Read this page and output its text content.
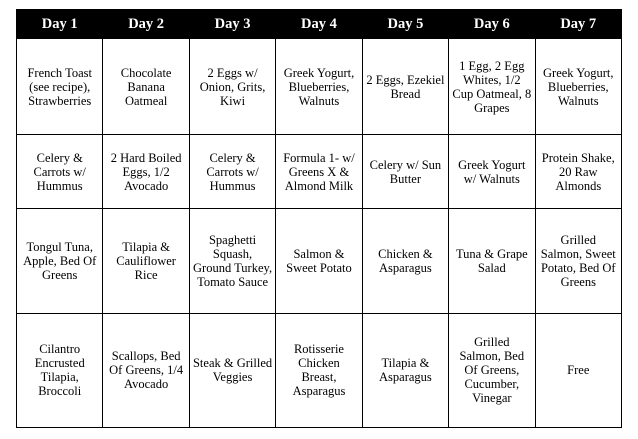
Day 1	Day 2	Day 3	Day 4	Day 5	Day 6	Day 7
French Toast (see recipe), Strawberries	Chocolate Banana Oatmeal	2 Eggs w/ Onion, Grits, Kiwi	Greek Yogurt, Blueberries, Walnuts	2 Eggs, Ezekiel Bread	1 Egg, 2 Egg Whites, 1/2 Cup Oatmeal, 8 Grapes	Greek Yogurt, Blueberries, Walnuts
Celery & Carrots w/ Hummus	2 Hard Boiled Eggs, 1/2 Avocado	Celery & Carrots w/ Hummus	Formula 1- w/ Greens X & Almond Milk	Celery w/ Sun Butter	Greek Yogurt w/ Walnuts	Protein Shake, 20 Raw Almonds
Tongul Tuna, Apple, Bed Of Greens	Tilapia & Cauliflower Rice	Spaghetti Squash, Ground Turkey, Tomato Sauce	Salmon & Sweet Potato	Chicken & Asparagus	Tuna & Grape Salad	Grilled Salmon, Sweet Potato, Bed Of Greens
Cilantro Encrusted Tilapia, Broccoli	Scallops, Bed Of Greens, 1/4 Avocado	Steak & Grilled Veggies	Rotisserie Chicken Breast, Asparagus	Tilapia & Asparagus	Grilled Salmon, Bed Of Greens, Cucumber, Vinegar	Free
